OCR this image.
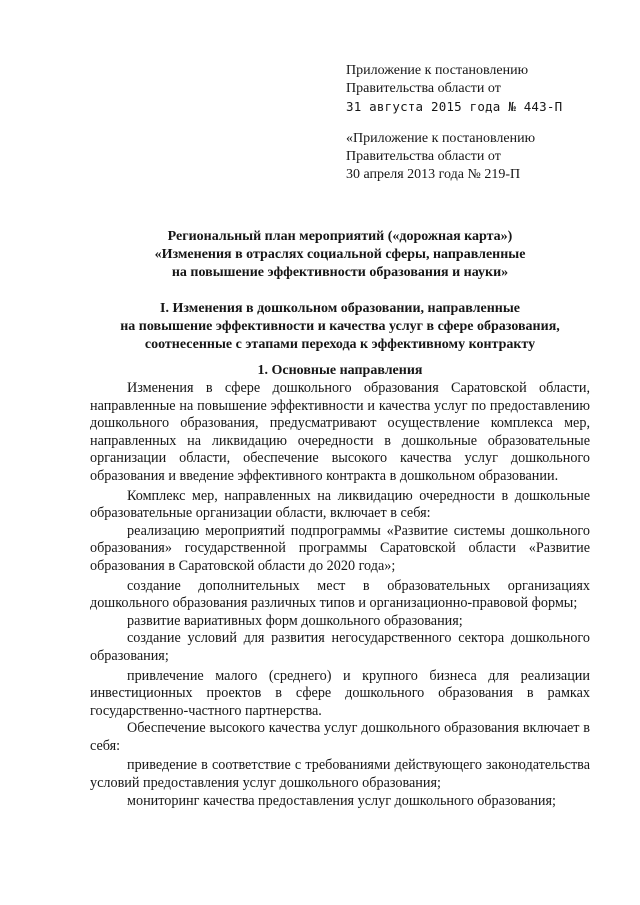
Приложение к постановлению
Правительства области от
31 августа 2015 года № 443-П
«Приложение к постановлению
Правительства области от
30 апреля 2013 года № 219-П
Региональный план мероприятий («дорожная карта»)
«Изменения в отраслях социальной сферы, направленные
на повышение эффективности образования и науки»
I. Изменения в дошкольном образовании, направленные
на повышение эффективности и качества услуг в сфере образования,
соотнесенные с этапами перехода к эффективному контракту
1. Основные направления

Изменения в сфере дошкольного образования Саратовской области, направленные на повышение эффективности и качества услуг по предоставлению дошкольного образования, предусматривают осуществление комплекса мер, направленных на ликвидацию очередности в дошкольные образовательные организации области, обеспечение высокого качества услуг дошкольного образования и введение эффективного контракта в дошкольном образовании.

Комплекс мер, направленных на ликвидацию очередности в дошкольные образовательные организации области, включает в себя:

реализацию мероприятий подпрограммы «Развитие системы дошкольного образования» государственной программы Саратовской области «Развитие образования в Саратовской области до 2020 года»;

создание дополнительных мест в образовательных организациях дошкольного образования различных типов и организационно-правовой формы;

развитие вариативных форм дошкольного образования;

создание условий для развития негосударственного сектора дошкольного образования;

привлечение малого (среднего) и крупного бизнеса для реализации инвестиционных проектов в сфере дошкольного образования в рамках государственно-частного партнерства.

Обеспечение высокого качества услуг дошкольного образования включает в себя:

приведение в соответствие с требованиями действующего законодательства условий предоставления услуг дошкольного образования;

мониторинг качества предоставления услуг дошкольного образования;
